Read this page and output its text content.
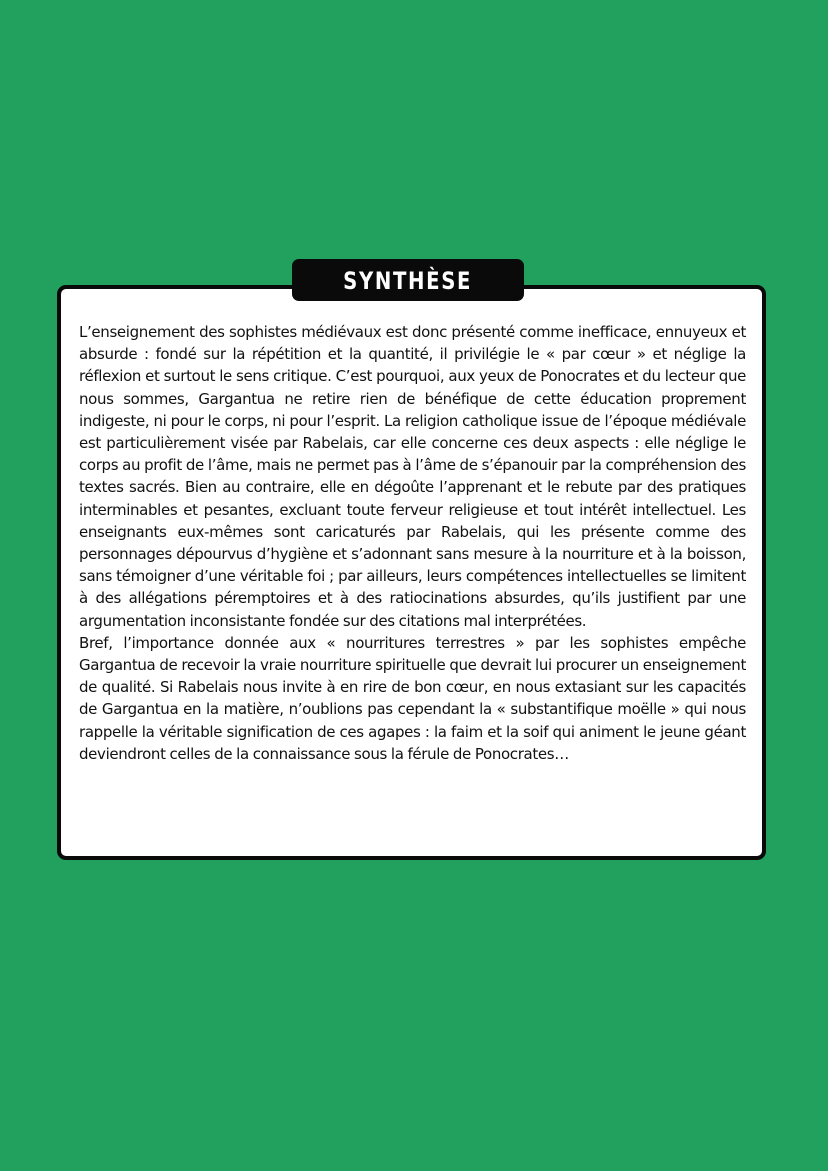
SYNTHÈSE

L’enseignement des sophistes médiévaux est donc présenté comme inefficace, ennuyeux et absurde : fondé sur la répétition et la quantité, il privilégie le « par cœur » et néglige la réflexion et surtout le sens critique. C’est pourquoi, aux yeux de Ponocrates et du lecteur que nous sommes, Gargantua ne retire rien de bénéfique de cette éducation proprement indigeste, ni pour le corps, ni pour l’esprit. La religion catholique issue de l’époque médiévale est particulièrement visée par Rabelais, car elle concerne ces deux aspects : elle néglige le corps au profit de l’âme, mais ne permet pas à l’âme de s’épanouir par la compréhension des textes sacrés. Bien au contraire, elle en dégoûte l’apprenant et le rebute par des pratiques interminables et pesantes, excluant toute ferveur religieuse et tout intérêt intellectuel. Les enseignants eux-mêmes sont caricaturés par Rabelais, qui les présente comme des personnages dépourvus d’hygiène et s’adonnant sans mesure à la nourriture et à la boisson, sans témoigner d’une véritable foi ; par ailleurs, leurs compétences intellectuelles se limitent à des allégations péremptoires et à des ratiocinations absurdes, qu’ils justifient par une argumentation inconsistante fondée sur des citations mal interprétées.

Bref, l’importance donnée aux « nourritures terrestres » par les sophistes empêche Gargantua de recevoir la vraie nourriture spirituelle que devrait lui procurer un enseignement de qualité. Si Rabelais nous invite à en rire de bon cœur, en nous extasiant sur les capacités de Gargantua en la matière, n’oublions pas cependant la « substantifique moëlle » qui nous rappelle la véritable signification de ces agapes : la faim et la soif qui animent le jeune géant deviendront celles de la connaissance sous la férule de Ponocrates…
